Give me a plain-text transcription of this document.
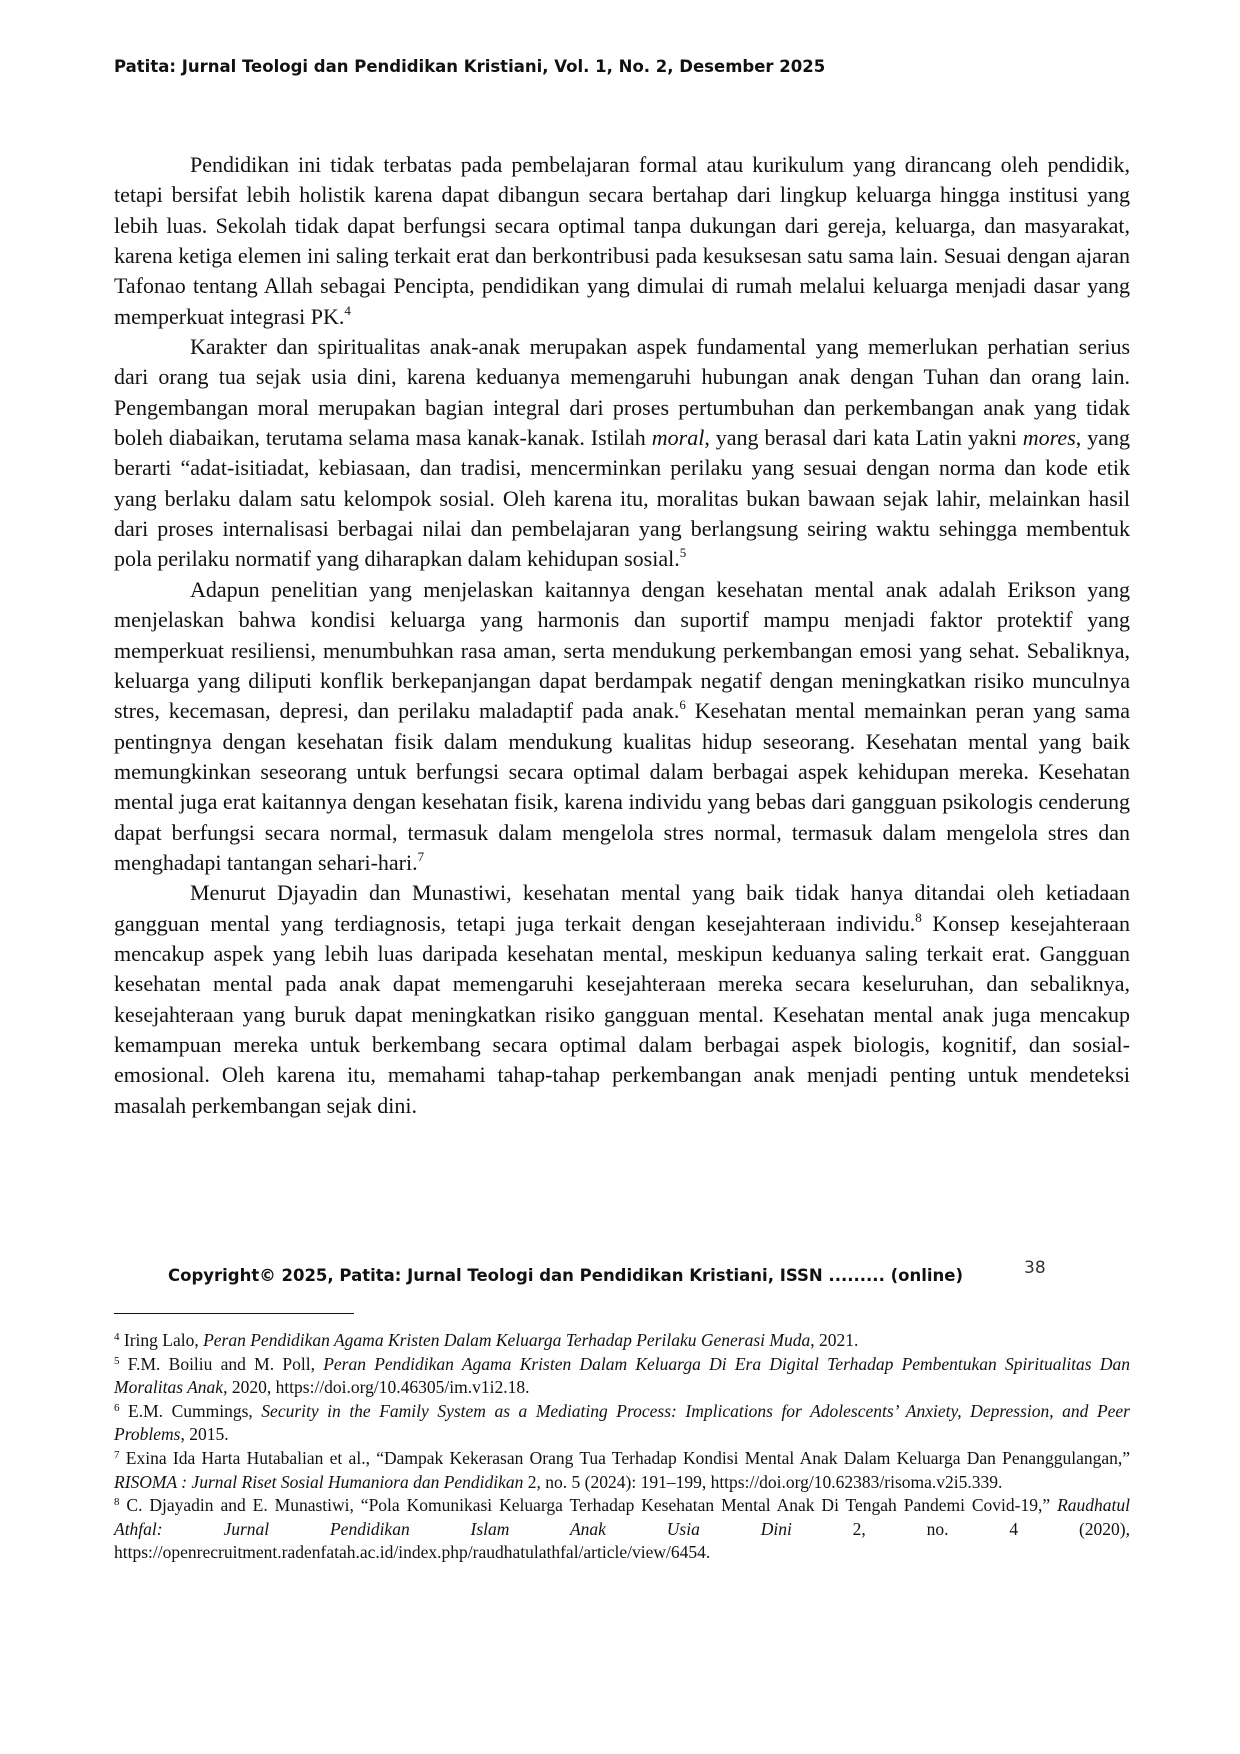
Patita: Jurnal Teologi dan Pendidikan Kristiani, Vol. 1, No. 2, Desember 2025

Pendidikan ini tidak terbatas pada pembelajaran formal atau kurikulum yang dirancang oleh pendidik, tetapi bersifat lebih holistik karena dapat dibangun secara bertahap dari lingkup keluarga hingga institusi yang lebih luas. Sekolah tidak dapat berfungsi secara optimal tanpa dukungan dari gereja, keluarga, dan masyarakat, karena ketiga elemen ini saling terkait erat dan berkontribusi pada kesuksesan satu sama lain. Sesuai dengan ajaran Tafonao tentang Allah sebagai Pencipta, pendidikan yang dimulai di rumah melalui keluarga menjadi dasar yang memperkuat integrasi PK.$^4$

Karakter dan spiritualitas anak-anak merupakan aspek fundamental yang memerlukan perhatian serius dari orang tua sejak usia dini, karena keduanya memengaruhi hubungan anak dengan Tuhan dan orang lain. Pengembangan moral merupakan bagian integral dari proses pertumbuhan dan perkembangan anak yang tidak boleh diabaikan, terutama selama masa kanak-kanak. Istilah moral, yang berasal dari kata Latin yakni mores, yang berarti “adat-isitiadat, kebiasaan, dan tradisi, mencerminkan perilaku yang sesuai dengan norma dan kode etik yang berlaku dalam satu kelompok sosial. Oleh karena itu, moralitas bukan bawaan sejak lahir, melainkan hasil dari proses internalisasi berbagai nilai dan pembelajaran yang berlangsung seiring waktu sehingga membentuk pola perilaku normatif yang diharapkan dalam kehidupan sosial.$^5$

Adapun penelitian yang menjelaskan kaitannya dengan kesehatan mental anak adalah Erikson yang menjelaskan bahwa kondisi keluarga yang harmonis dan suportif mampu menjadi faktor protektif yang memperkuat resiliensi, menumbuhkan rasa aman, serta mendukung perkembangan emosi yang sehat. Sebaliknya, keluarga yang diliputi konflik berkepanjangan dapat berdampak negatif dengan meningkatkan risiko munculnya stres, kecemasan, depresi, dan perilaku maladaptif pada anak.$^6$ Kesehatan mental memainkan peran yang sama pentingnya dengan kesehatan fisik dalam mendukung kualitas hidup seseorang. Kesehatan mental yang baik memungkinkan seseorang untuk berfungsi secara optimal dalam berbagai aspek kehidupan mereka. Kesehatan mental juga erat kaitannya dengan kesehatan fisik, karena individu yang bebas dari gangguan psikologis cenderung dapat berfungsi secara normal, termasuk dalam mengelola stres normal, termasuk dalam mengelola stres dan menghadapi tantangan sehari-hari.$^7$

Menurut Djayadin dan Munastiwi, kesehatan mental yang baik tidak hanya ditandai oleh ketiadaan gangguan mental yang terdiagnosis, tetapi juga terkait dengan kesejahteraan individu.$^8$ Konsep kesejahteraan mencakup aspek yang lebih luas daripada kesehatan mental, meskipun keduanya saling terkait erat. Gangguan kesehatan mental pada anak dapat memengaruhi kesejahteraan mereka secara keseluruhan, dan sebaliknya, kesejahteraan yang buruk dapat meningkatkan risiko gangguan mental. Kesehatan mental anak juga mencakup kemampuan mereka untuk berkembang secara optimal dalam berbagai aspek biologis, kognitif, dan sosial-emosional. Oleh karena itu, memahami tahap-tahap perkembangan anak menjadi penting untuk mendeteksi masalah perkembangan sejak dini.

Copyright© 2025, Patita: Jurnal Teologi dan Pendidikan Kristiani, ISSN ......... (online)	38

$^4$ Iring Lalo, Peran Pendidikan Agama Kristen Dalam Keluarga Terhadap Perilaku Generasi Muda, 2021.

$^5$ F.M. Boiliu and M. Poll, Peran Pendidikan Agama Kristen Dalam Keluarga Di Era Digital Terhadap Pembentukan Spiritualitas Dan Moralitas Anak, 2020, https://doi.org/10.46305/im.v1i2.18.

$^6$ E.M. Cummings, Security in the Family System as a Mediating Process: Implications for Adolescents’ Anxiety, Depression, and Peer Problems, 2015.

$^7$ Exina Ida Harta Hutabalian et al., “Dampak Kekerasan Orang Tua Terhadap Kondisi Mental Anak Dalam Keluarga Dan Penanggulangan,” RISOMA : Jurnal Riset Sosial Humaniora dan Pendidikan 2, no. 5 (2024): 191–199, https://doi.org/10.62383/risoma.v2i5.339.

$^8$ C. Djayadin and E. Munastiwi, “Pola Komunikasi Keluarga Terhadap Kesehatan Mental Anak Di Tengah Pandemi Covid-19,” Raudhatul Athfal: Jurnal Pendidikan Islam Anak Usia Dini 2, no. 4 (2020), https://openrecruitment.radenfatah.ac.id/index.php/raudhatulathfal/article/view/6454.
